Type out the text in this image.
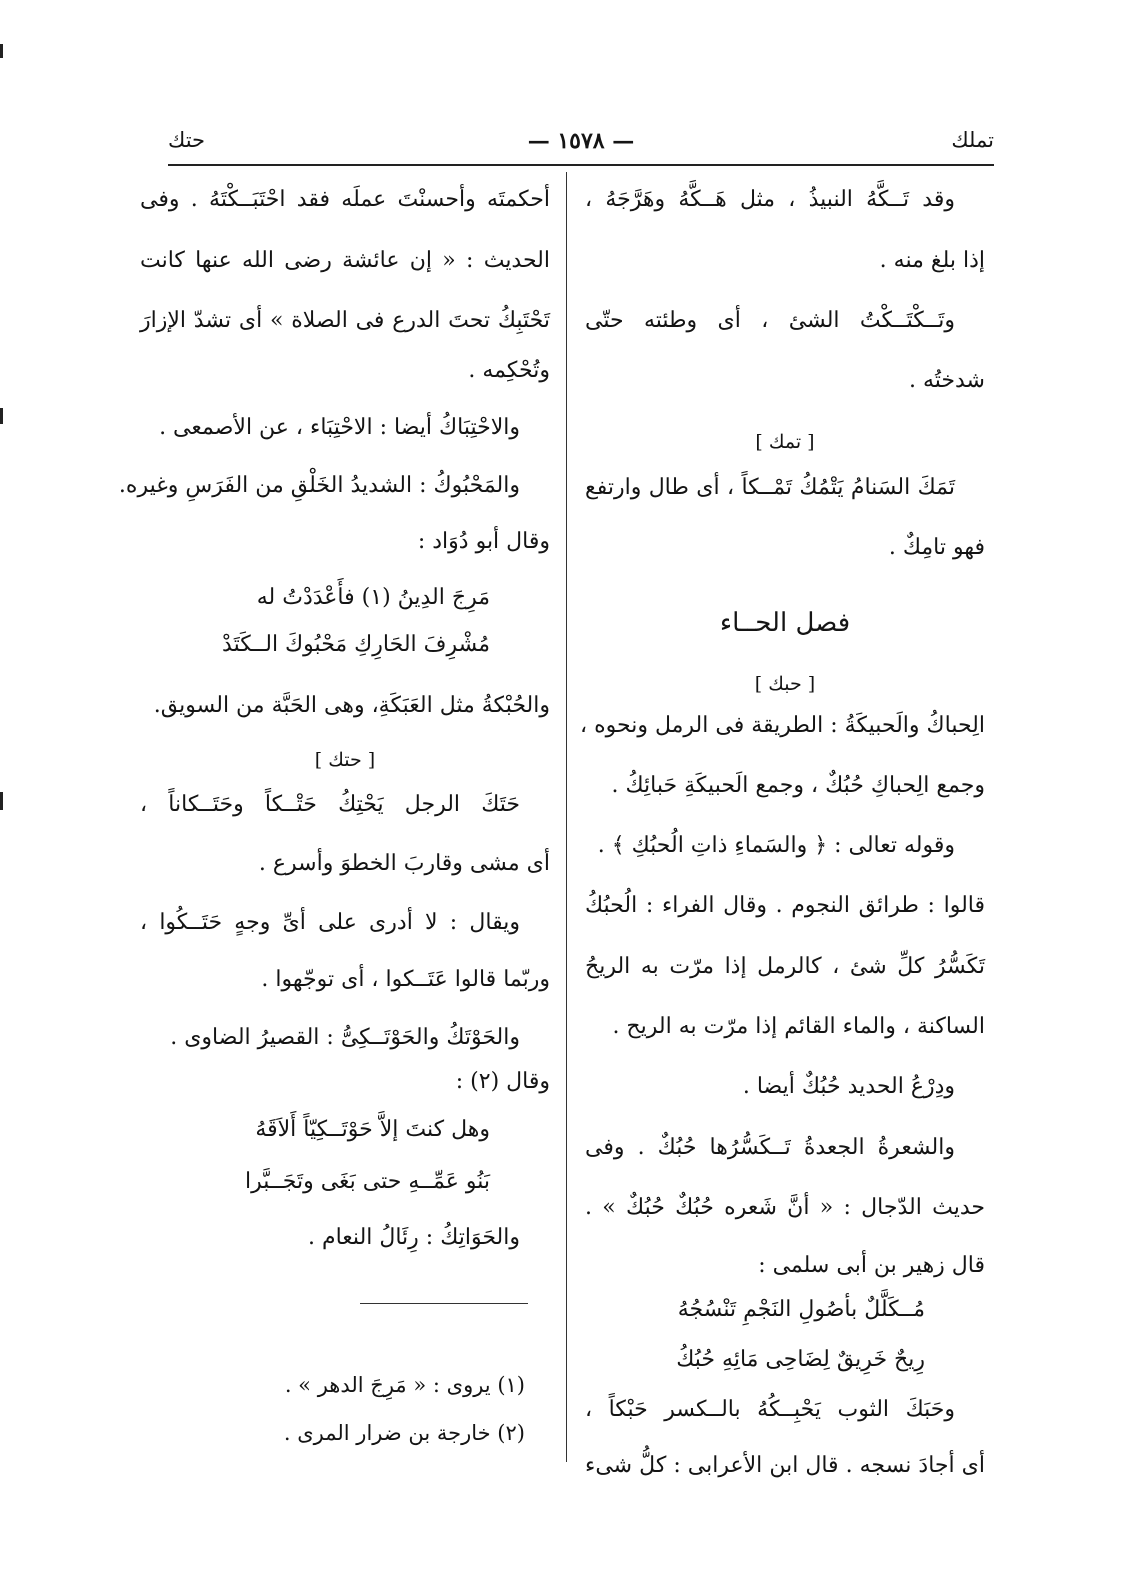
تملك
— ١٥٧٨ —
حتك
وقد تَــكَّهُ النبيذُ ، مثل هَــكَّهُ وهَرَّجَهُ ،
إذا بلغ منه .
وتَــكْتَــكْتُ الشئ ، أى وطئته حتّى
شدختُه .
[ تمك ]
تَمَكَ السَنامُ يَتْمُكُ تَمْــكاً ، أى طال وارتفع
فهو تامِكٌ .
فصل الحــاء
[ حبك ]
الِحباكُ والَحبيكَةُ : الطريقة فى الرمل ونحوه ،
وجمع الِحباكِ حُبُكٌ ، وجمع الَحبيكَةِ حَبائِكُ .
وقوله تعالى : ﴿ والسَماءِ ذاتِ الُحبُكِ ﴾ .
قالوا : طرائق النجوم . وقال الفراء : الُحبُكُ
تَكَسُّرُ كلِّ شئ ، كالرمل إذا مرّت به الريحُ
الساكنة ، والماء القائم إذا مرّت به الريح .
ودِرْعُ الحديد حُبُكٌ أيضا .
والشعرةُ الجعدةُ تَــكَسُّرُها حُبُكٌ . وفى
حديث الدّجال : « أنَّ شَعره حُبُكٌ حُبُكٌ » .
قال زهير بن أبى سلمى :
مُــكَلَّلٌ بأصُولِ النَجْمِ تَنْسُجُهُ
رِيحٌ خَرِيقٌ لِضَاحِى مَائِهِ حُبُكُ
وحَبَكَ الثوب يَحْبِــكُهُ بالــكسر حَبْكاً ،
أى أجادَ نسجه . قال ابن الأعرابى : كلُّ شىء
أحكمتَه وأحسنْتَ عملَه فقد احْتَبَــكْتَهُ . وفى
الحديث : « إن عائشة رضى الله عنها كانت
تَحْتَبِكُ تحتَ الدرع فى الصلاة » أى تشدّ الإزارَ
وتُحْكِمه .
والاحْتِبَاكُ أيضا : الاحْتِبَاء ، عن الأصمعى .
والمَحْبُوكُ : الشديدُ الخَلْقِ من الفَرَسِ وغيره.
وقال أبو دُوَاد :
مَرِجَ الدِينُ (١) فأَعْدَدْتُ له
مُشْرِفَ الحَارِكِ مَحْبُوكَ الــكَتَدْ
والحُبْكةُ مثل العَبَكَةِ، وهى الحَبَّة من السويق.
[ حتك ]
حَتَكَ الرجل يَحْتِكُ حَتْــكاً وحَتَــكاناً ،
أى مشى وقاربَ الخطوَ وأسرع .
ويقال : لا أدرى على أىِّ وجهٍ حَتَــكُوا ،
وربّما قالوا عَتَــكوا ، أى توجّهوا .
والحَوْتَكُ والحَوْتَــكِىُّ : القصيرُ الضاوى .
وقال (٢) :
وهل كنتَ إلاَّ حَوْتَــكِيّاً أَلاَقَهُ
بَنُو عَمِّــهِ حتى بَغَى وتَجَــبَّرا
والحَوَاتِكُ : رِئَالُ النعام .
(١) يروى : « مَرِجَ الدهر » .
(٢) خارجة بن ضرار المرى .
